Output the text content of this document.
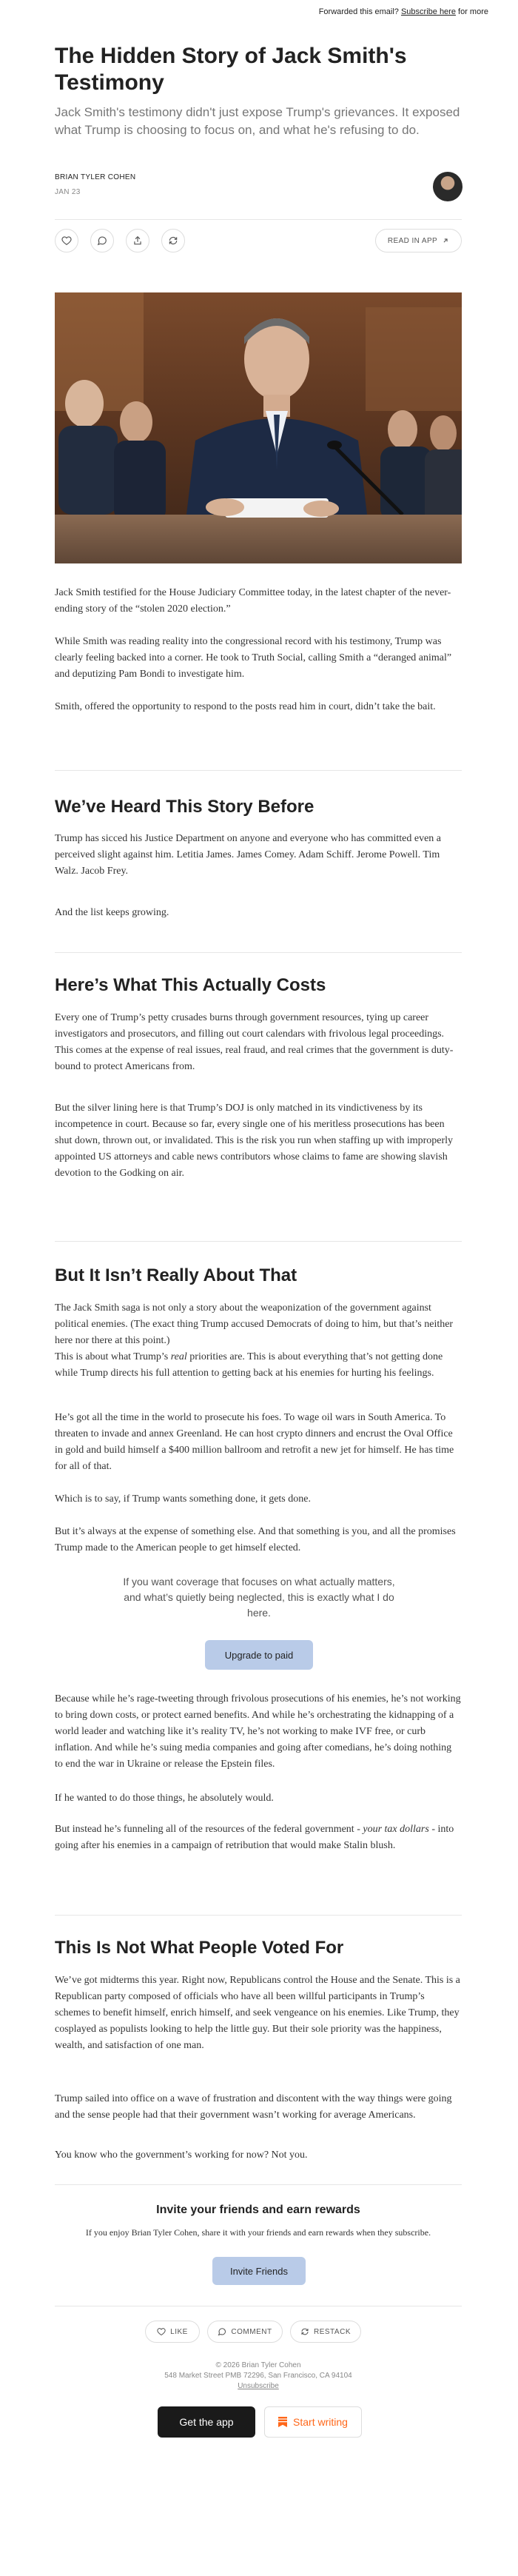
Forwarded this email? Subscribe here for more
The Hidden Story of Jack Smith's Testimony

Jack Smith's testimony didn't just expose Trump's grievances. It exposed what Trump is choosing to focus on, and what he's refusing to do.

BRIAN TYLER COHEN
JAN 23
READ IN APP

Jack Smith testified for the House Judiciary Committee today, in the latest chapter of the never-ending story of the “stolen 2020 election.”

While Smith was reading reality into the congressional record with his testimony, Trump was clearly feeling backed into a corner. He took to Truth Social, calling Smith a “deranged animal” and deputizing Pam Bondi to investigate him.

Smith, offered the opportunity to respond to the posts read him in court, didn’t take the bait.

We’ve Heard This Story Before

Trump has sicced his Justice Department on anyone and everyone who has committed even a perceived slight against him. Letitia James. James Comey. Adam Schiff. Jerome Powell. Tim Walz. Jacob Frey.

And the list keeps growing.

Here’s What This Actually Costs

Every one of Trump’s petty crusades burns through government resources, tying up career investigators and prosecutors, and filling out court calendars with frivolous legal proceedings. This comes at the expense of real issues, real fraud, and real crimes that the government is duty-bound to protect Americans from.

But the silver lining here is that Trump’s DOJ is only matched in its vindictiveness by its incompetence in court. Because so far, every single one of his meritless prosecutions has been shut down, thrown out, or invalidated. This is the risk you run when staffing up with improperly appointed US attorneys and cable news contributors whose claims to fame are showing slavish devotion to the Godking on air.

But It Isn’t Really About That

The Jack Smith saga is not only a story about the weaponization of the government against political enemies. (The exact thing Trump accused Democrats of doing to him, but that’s neither here nor there at this point.)

This is about what Trump’s real priorities are. This is about everything that’s not getting done while Trump directs his full attention to getting back at his enemies for hurting his feelings.

He’s got all the time in the world to prosecute his foes. To wage oil wars in South America. To threaten to invade and annex Greenland. He can host crypto dinners and encrust the Oval Office in gold and build himself a $400 million ballroom and retrofit a new jet for himself. He has time for all of that.

Which is to say, if Trump wants something done, it gets done.

But it’s always at the expense of something else. And that something is you, and all the promises Trump made to the American people to get himself elected.

If you want coverage that focuses on what actually matters, and what’s quietly being neglected, this is exactly what I do here.
Upgrade to paid

Because while he’s rage-tweeting through frivolous prosecutions of his enemies, he’s not working to bring down costs, or protect earned benefits. And while he’s orchestrating the kidnapping of a world leader and watching like it’s reality TV, he’s not working to make IVF free, or curb inflation. And while he’s suing media companies and going after comedians, he’s doing nothing to end the war in Ukraine or release the Epstein files.

If he wanted to do those things, he absolutely would.

But instead he’s funneling all of the resources of the federal government - your tax dollars - into going after his enemies in a campaign of retribution that would make Stalin blush.

This Is Not What People Voted For

We’ve got midterms this year. Right now, Republicans control the House and the Senate. This is a Republican party composed of officials who have all been willful participants in Trump’s schemes to benefit himself, enrich himself, and seek vengeance on his enemies. Like Trump, they cosplayed as populists looking to help the little guy. But their sole priority was the happiness, wealth, and satisfaction of one man.

Trump sailed into office on a wave of frustration and discontent with the way things were going and the sense people had that their government wasn’t working for average Americans.

You know who the government’s working for now? Not you.

Invite your friends and earn rewards
If you enjoy Brian Tyler Cohen, share it with your friends and earn rewards when they subscribe.
Invite Friends
LIKE	COMMENT	RESTACK
© 2026 Brian Tyler Cohen
548 Market Street PMB 72296, San Francisco, CA 94104
Unsubscribe
Get the app	Start writing
